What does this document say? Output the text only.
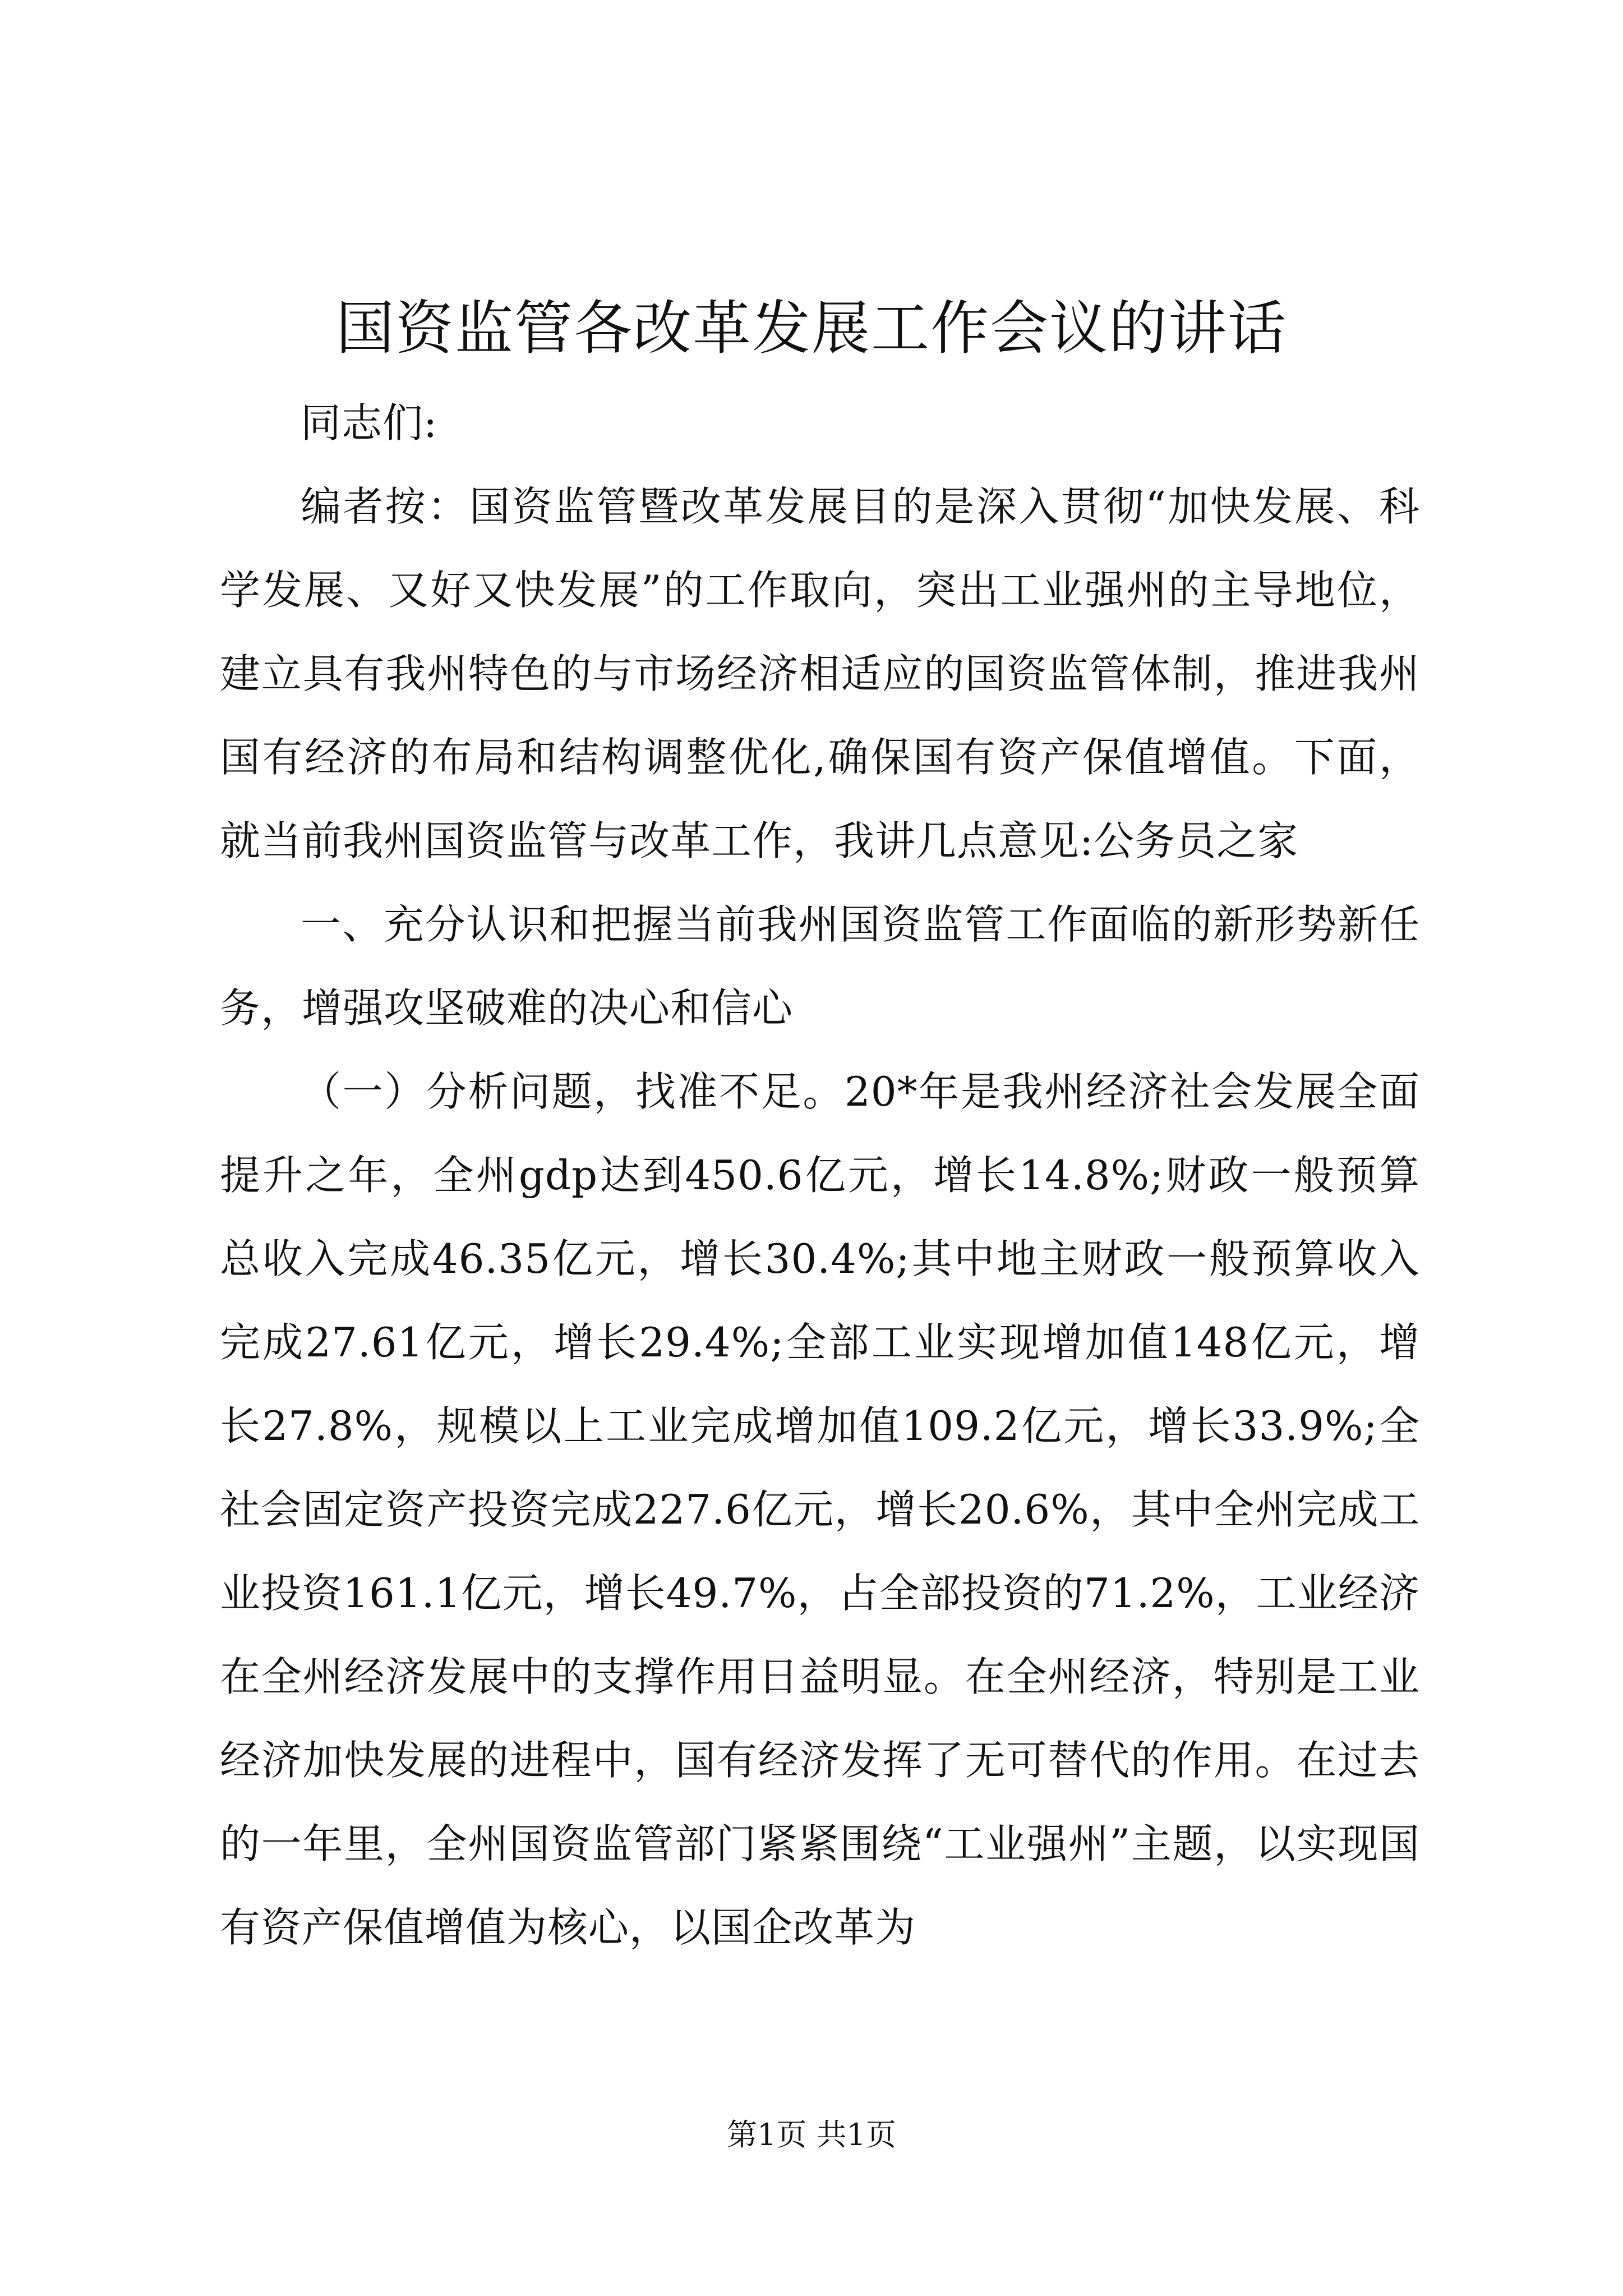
国资监管各改革发展工作会议的讲话

同志们:

编者按：国资监管暨改革发展目的是深入贯彻“加快发展、科学发展、又好又快发展”的工作取向，突出工业强州的主导地位，建立具有我州特色的与市场经济相适应的国资监管体制，推进我州国有经济的布局和结构调整优化,确保国有资产保值增值。下面，就当前我州国资监管与改革工作，我讲几点意见:公务员之家

一、充分认识和把握当前我州国资监管工作面临的新形势新任务，增强攻坚破难的决心和信心

（一）分析问题，找准不足。20*年是我州经济社会发展全面提升之年，全州gdp达到450.6亿元，增长14.8%;财政一般预算总收入完成46.35亿元，增长30.4%;其中地主财政一般预算收入完成27.61亿元，增长29.4%;全部工业实现增加值148亿元，增长27.8%，规模以上工业完成增加值109.2亿元，增长33.9%;全社会固定资产投资完成227.6亿元，增长20.6%，其中全州完成工业投资161.1亿元，增长49.7%，占全部投资的71.2%，工业经济在全州经济发展中的支撑作用日益明显。在全州经济，特别是工业经济加快发展的进程中，国有经济发挥了无可替代的作用。在过去的一年里，全州国资监管部门紧紧围绕“工业强州”主题，以实现国有资产保值增值为核心，以国企改革为

第1页 共1页
